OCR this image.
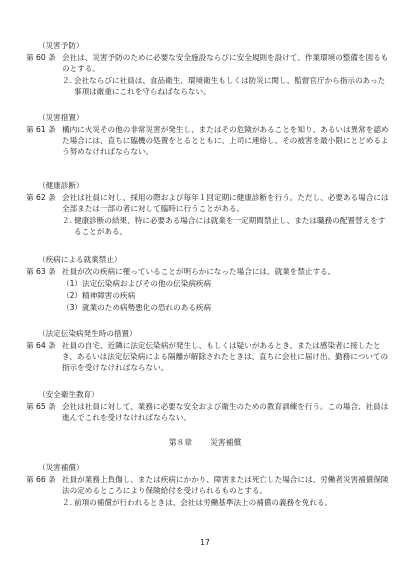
（災害予防）
第 60 条 会社は、災害予防のために必要な安全施設ならびに安全規則を設けて、作業環境の整備を図るものとする。
２. 会社ならびに社員は、食品衛生、環境衛生もしくは防災に関し、監督官庁から指示のあった事項は厳重にこれを守らねばならない。
（災害措置）
第 61 条 構内に火災その他の非常災害が発生し、またはその危険があることを知り、あるいは異常を認めた場合には、直ちに臨機の処置をとるとともに、上司に連絡し、その被害を最小限にとどめるよう努めなければならない。
（健康診断）
第 62 条 会社は社員に対し、採用の際および毎年１回定期に健康診断を行う。ただし、必要ある場合には全部または一部の者に対して臨時に行うことがある。
２. 健康診断の結果、特に必要ある場合には就業を一定期間禁止し、または職務の配置替えをすることがある。
（疾病による就業禁止）
第 63 条 社員が次の疾病に罹っていることが明らかになった場合には、就業を禁止する。
（1）法定伝染病およびその他の伝染病疾病
（2）精神障害の疾病
（3）就業のため病勢悪化の恐れのある疾病
（法定伝染病発生時の措置）
第 64 条 社員の自宅、近隣に法定伝染病が発生し、もしくは疑いがあるとき、または感染者に接したとき、あるいは法定伝染病による隔離が解除されたときは、直ちに会社に届け出、勤務についての指示を受けなければならない。
（安全衛生教育）
第 65 条 会社は社員に対して、業務に必要な安全および衛生のための教育訓練を行う。この場合、社員は進んでこれを受けなければならない。
第８章 災害補償
（災害補償）
第 66 条 社員が業務上負傷し、または疾病にかかり、障害または死亡した場合には、労働者災害補償保険法の定めるところにより保険給付を受けられるものとする。
２. 前項の補償が行われるときは、会社は労働基準法上の補償の義務を免れる。
17
